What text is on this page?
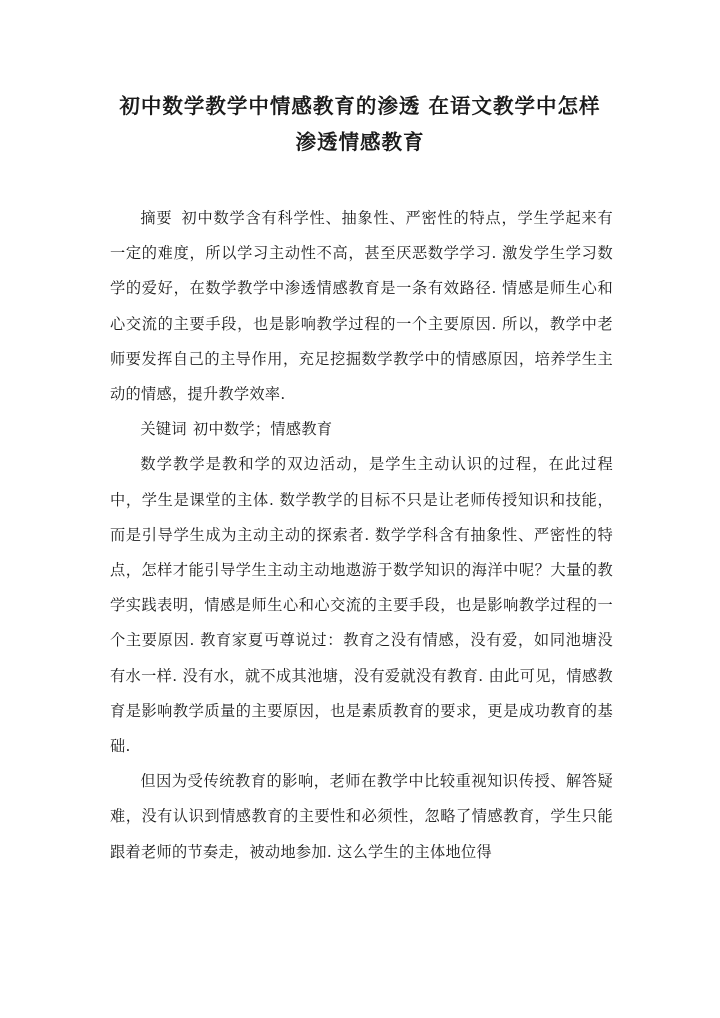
初中数学教学中情感教育的渗透 在语文教学中怎样
渗透情感教育

摘要 初中数学含有科学性、抽象性、严密性的特点，学生学起来有一定的难度，所以学习主动性不高，甚至厌恶数学学习. 激发学生学习数学的爱好，在数学教学中渗透情感教育是一条有效路径. 情感是师生心和心交流的主要手段，也是影响教学过程的一个主要原因. 所以，教学中老师要发挥自己的主导作用，充足挖掘数学教学中的情感原因，培养学生主动的情感，提升教学效率.

关键词 初中数学；情感教育

数学教学是教和学的双边活动，是学生主动认识的过程，在此过程中，学生是课堂的主体. 数学教学的目标不只是让老师传授知识和技能，而是引导学生成为主动主动的探索者. 数学学科含有抽象性、严密性的特点，怎样才能引导学生主动主动地遨游于数学知识的海洋中呢？大量的教学实践表明，情感是师生心和心交流的主要手段，也是影响教学过程的一个主要原因. 教育家夏丏尊说过：教育之没有情感，没有爱，如同池塘没有水一样. 没有水，就不成其池塘，没有爱就没有教育. 由此可见，情感教育是影响教学质量的主要原因，也是素质教育的要求，更是成功教育的基础.

但因为受传统教育的影响，老师在教学中比较重视知识传授、解答疑难，没有认识到情感教育的主要性和必须性，忽略了情感教育，学生只能跟着老师的节奏走，被动地参加. 这么学生的主体地位得
